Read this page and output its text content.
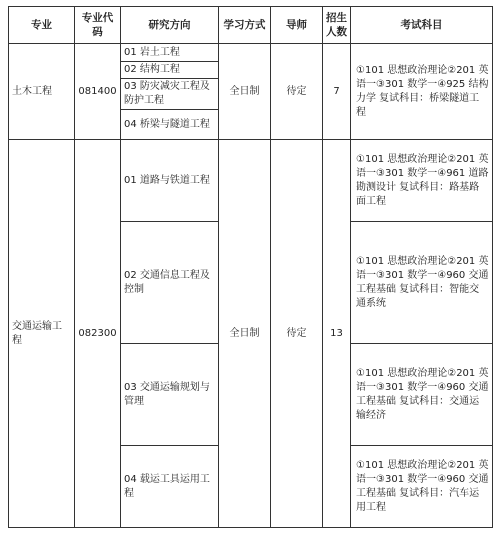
专业	专业代码	研究方向	学习方式	导师	招生人数	考试科目
土木工程	081400	01 岩土工程	全日制	待定	7	①101 思想政治理论②201 英语一③301 数学一④925 结构力学 复试科目：桥梁隧道工程
		02 结构工程				
		03 防灾减灾工程及防护工程				
		04 桥梁与隧道工程				
交通运输工程	082300	01 道路与铁道工程	全日制	待定	13	①101 思想政治理论②201 英语一③301 数学一④961 道路勘测设计 复试科目：路基路面工程
		02 交通信息工程及控制				①101 思想政治理论②201 英语一③301 数学一④960 交通工程基础 复试科目：智能交通系统
		03 交通运输规划与管理				①101 思想政治理论②201 英语一③301 数学一④960 交通工程基础 复试科目：交通运输经济
		04 载运工具运用工程				①101 思想政治理论②201 英语一③301 数学一④960 交通工程基础 复试科目：汽车运用工程
